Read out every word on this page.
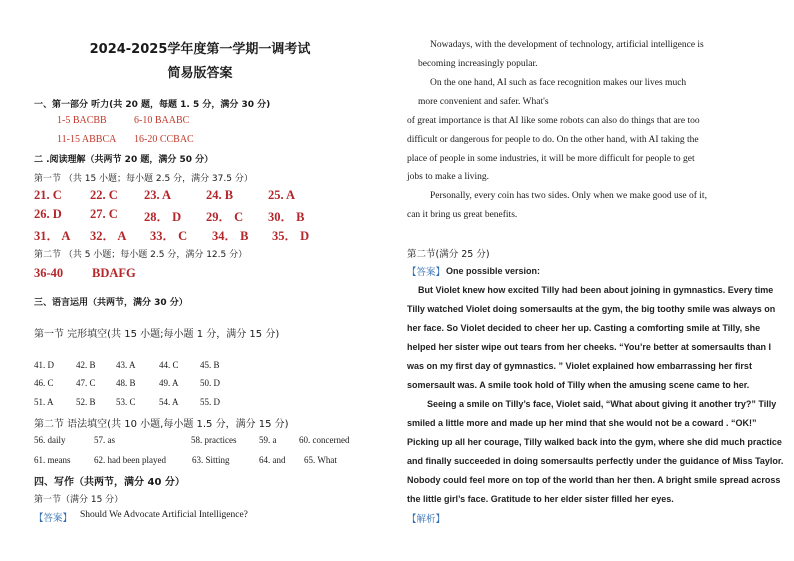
2024-2025学年度第一学期一调考试
简易版答案
一、第一部分 听力(共 20 题，每题 1. 5 分，满分 30 分)
1-5 BACBB	6-10 BAABC
11-15 ABBCA 16-20 CCBAC
二 .阅读理解（共两节 20 题，满分 50 分）
第一节 （共 15 小题；每小题 2.5 分，满分 37.5 分）
21. C 22. C 23. A	24. B	25. A
26. D 27. C 28． D 29． C 30． B
31． A 32． A 33． C 34． B 35． D
第二节 （共 5 小题；每小题 2.5 分，满分 12.5 分）
36-40 BDAFG
三、语言运用（共两节，满分 30 分）
第一节 完形填空(共 15 小题;每小题 1 分，满分 15 分)
41. D 42. B 43. A	44. C 45. B
46. C 47. C 48. B	49. A 50. D
51. A 52. B 53. C	54. A 55. D
第二节 语法填空(共 10 小题,每小题 1.5 分，满分 15 分)
56. daily	57. as	58. practices	59. a	60. concerned
61. means	62. had been played	63. Sitting	64. and 65. What
四、写作（共两节，满分 40 分）
第一节（满分 15 分）
【答案】 Should We Advocate Artificial Intelligence?
Nowadays, with the development of technology, artificial intelligence is
becoming increasingly popular.
On the one hand, AI such as face recognition makes our lives much
more convenient and safer. What's
of great importance is that AI like some robots can also do things that are too
difficult or dangerous for people to do. On the other hand, with AI taking the
place of people in some industries, it will be more difficult for people to get
jobs to make a living.
Personally, every coin has two sides. Only when we make good use of it,
can it bring us great benefits.
第二节(满分 25 分)
【答案】 One possible version:
But Violet knew how excited Tilly had been about joining in gymnastics. Every time
Tilly watched Violet doing somersaults at the gym, the big toothy smile was always on
her face. So Violet decided to cheer her up. Casting a comforting smile at Tilly, she
helped her sister wipe out tears from her cheeks. “You’re better at somersaults than I
was on my first day of gymnastics. ” Violet explained how embarrassing her first
somersault was. A smile took hold of Tilly when the amusing scene came to her.
Seeing a smile on Tilly’s face, Violet said, “What about giving it another try?” Tilly
smiled a little more and made up her mind that she would not be a coward . “OK!”
Picking up all her courage, Tilly walked back into the gym, where she did much practice
and finally succeeded in doing somersaults perfectly under the guidance of Miss Taylor.
Nobody could feel more on top of the world than her then. A bright smile spread across
the little girl’s face. Gratitude to her elder sister filled her eyes.
【解析】
